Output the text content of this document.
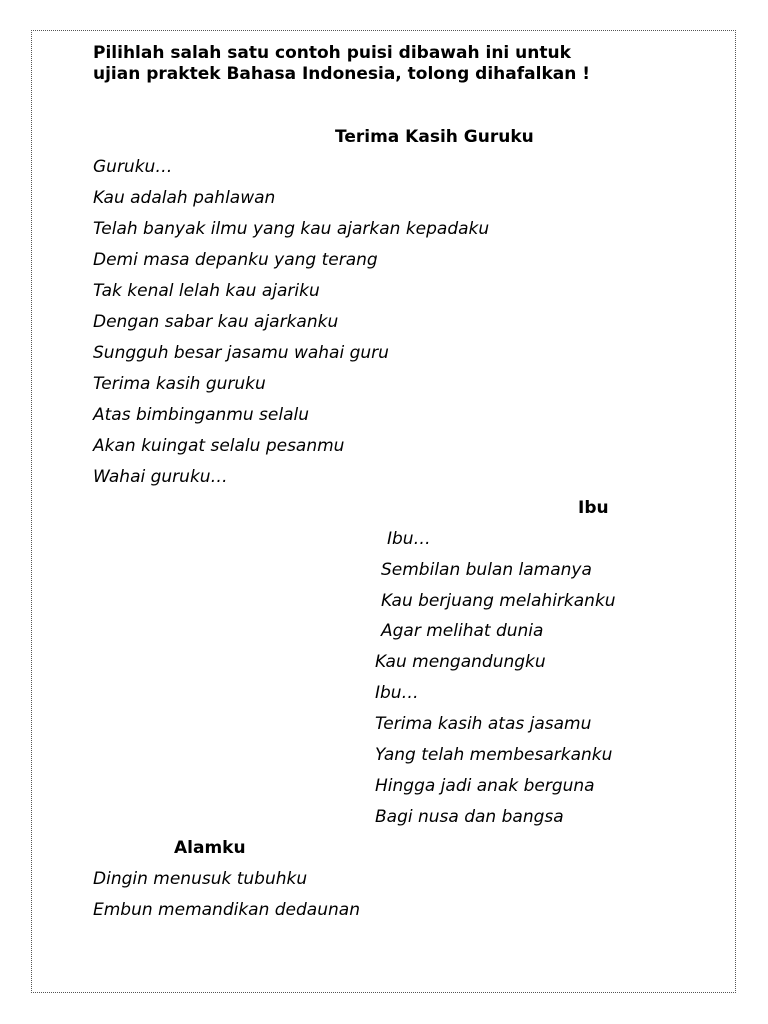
Pilihlah salah satu contoh puisi dibawah ini untuk
ujian praktek Bahasa Indonesia, tolong dihafalkan !
Terima Kasih Guruku
Guruku…
Kau adalah pahlawan
Telah banyak ilmu yang kau ajarkan kepadaku
Demi masa depanku yang terang
Tak kenal lelah kau ajariku
Dengan sabar kau ajarkanku
Sungguh besar jasamu wahai guru
Terima kasih guruku
Atas bimbinganmu selalu
Akan kuingat selalu pesanmu
Wahai guruku…
Ibu
Ibu…
Sembilan bulan lamanya
Kau berjuang melahirkanku
Agar melihat dunia
Kau mengandungku
Ibu…
Terima kasih atas jasamu
Yang telah membesarkanku
Hingga jadi anak berguna
Bagi nusa dan bangsa
Alamku
Dingin menusuk tubuhku
Embun memandikan dedaunan
